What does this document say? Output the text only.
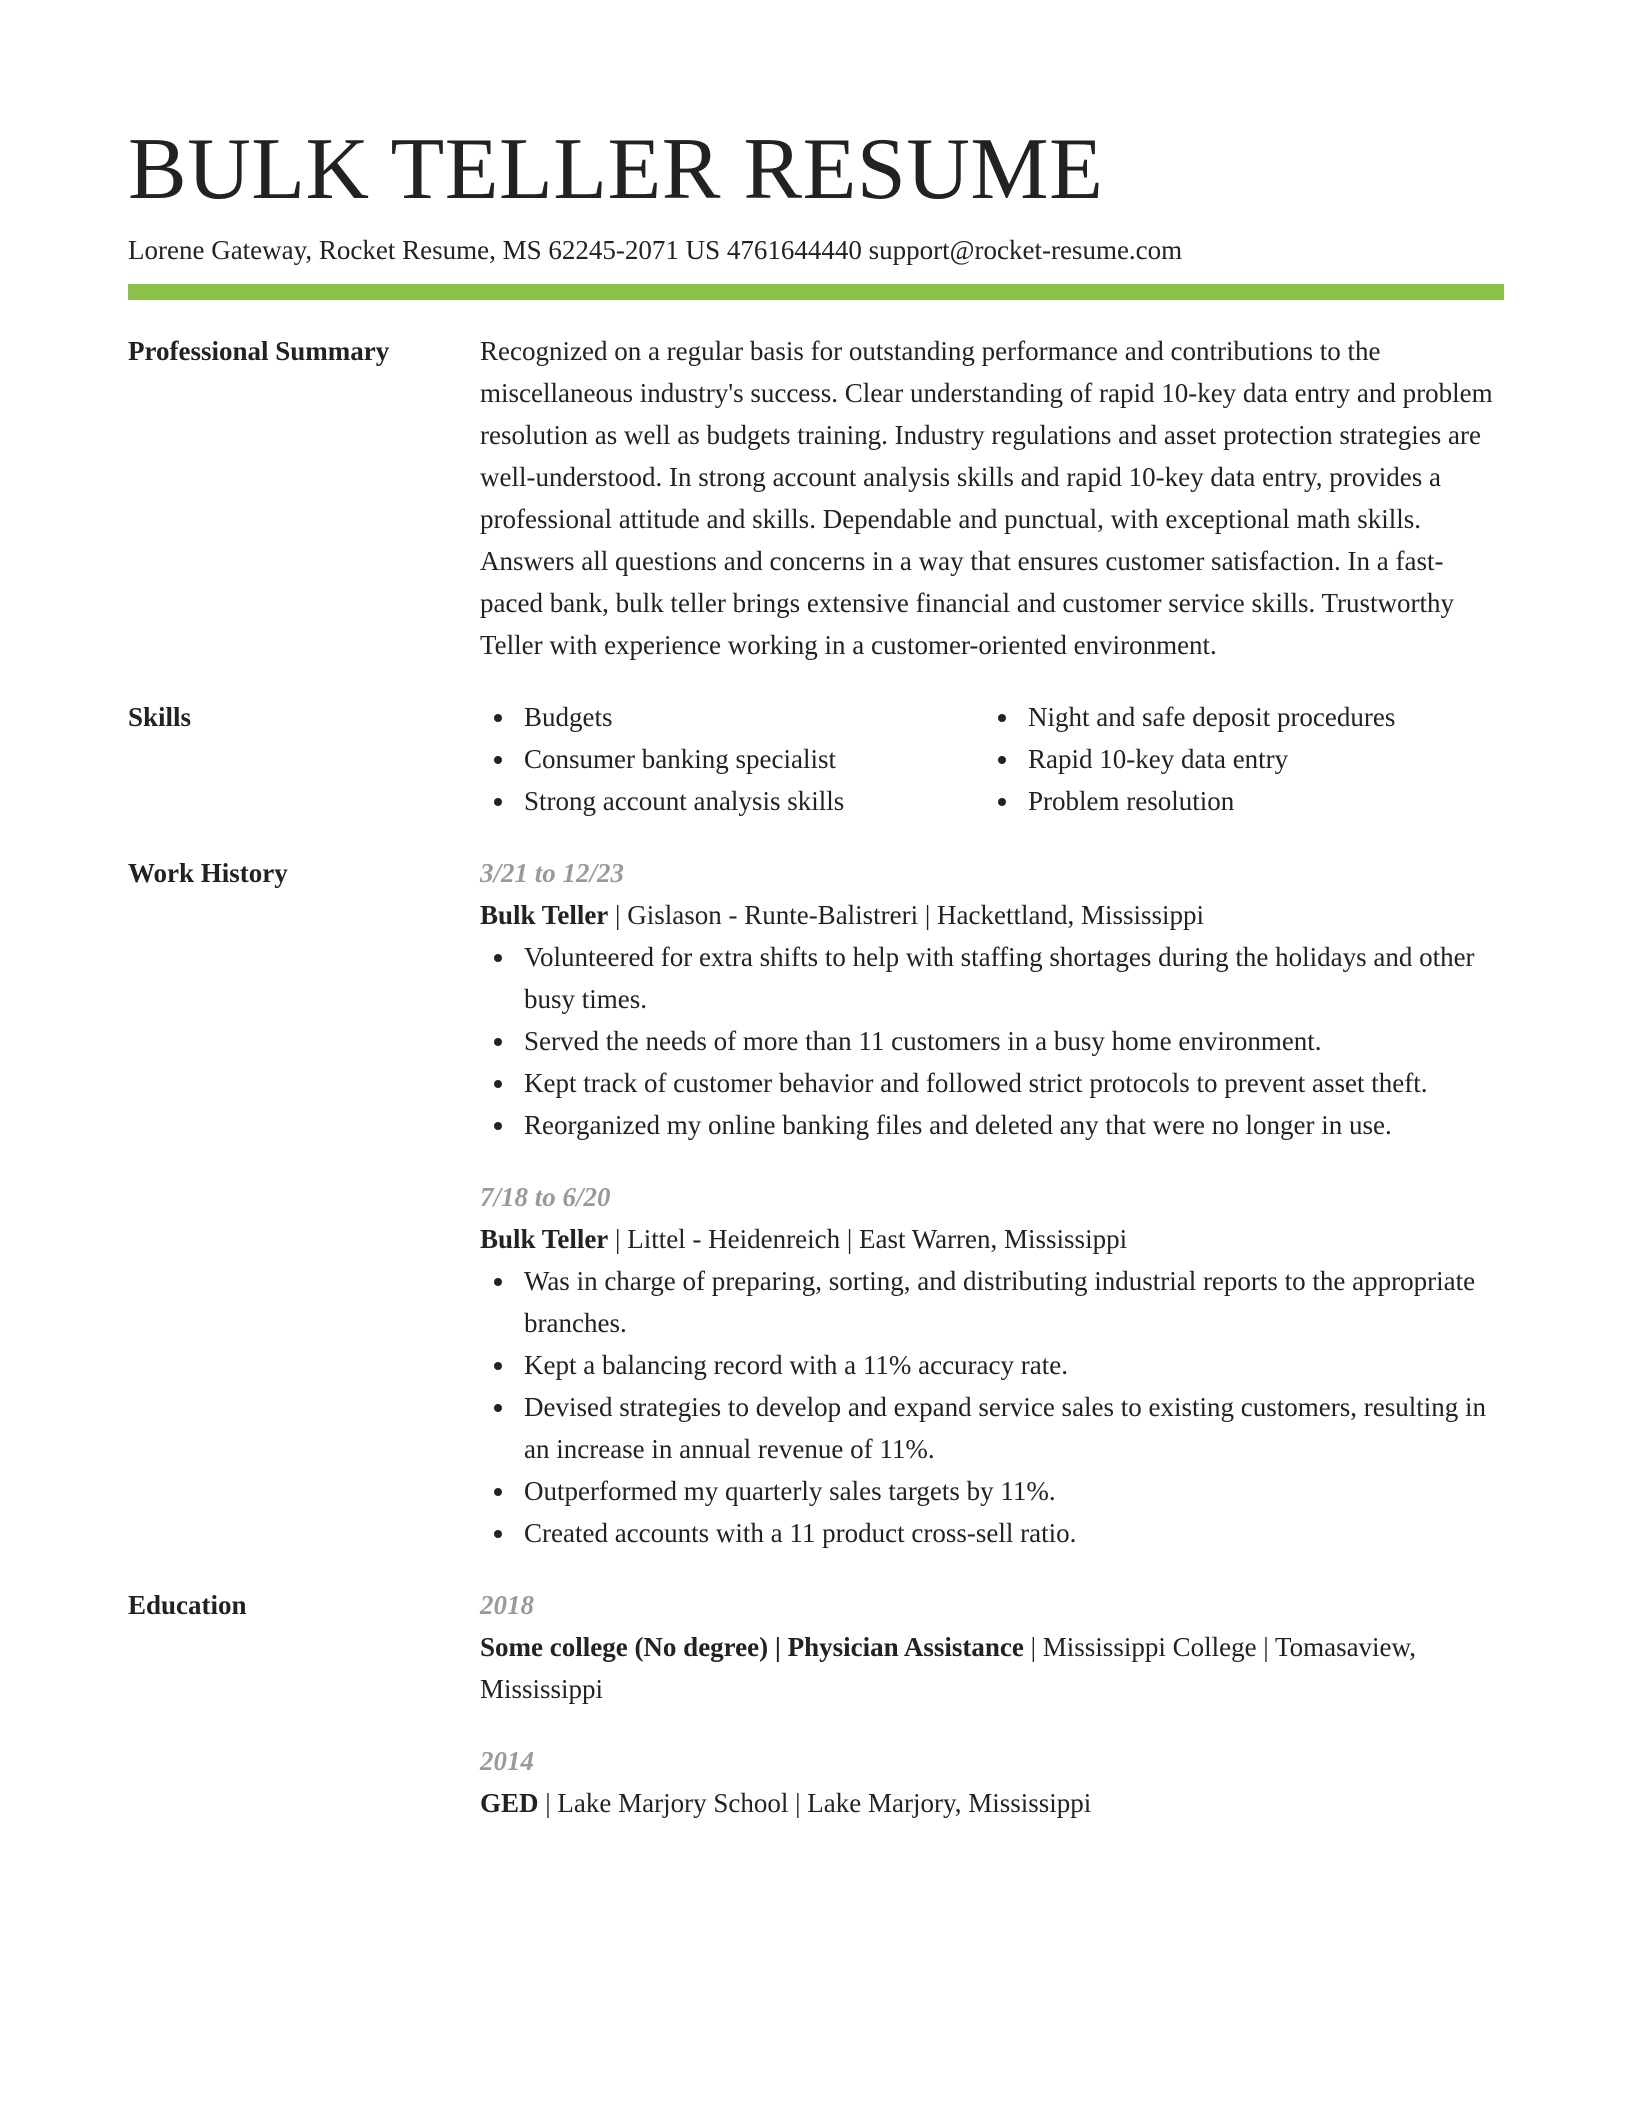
BULK TELLER RESUME
Lorene Gateway, Rocket Resume, MS 62245-2071 US 4761644440 support@rocket-resume.com
Professional Summary	Recognized on a regular basis for outstanding performance and contributions to the miscellaneous industry's success. Clear understanding of rapid 10-key data entry and problem resolution as well as budgets training. Industry regulations and asset protection strategies are well-understood. In strong account analysis skills and rapid 10-key data entry, provides a professional attitude and skills. Dependable and punctual, with exceptional math skills. Answers all questions and concerns in a way that ensures customer satisfaction. In a fast-paced bank, bulk teller brings extensive financial and customer service skills. Trustworthy Teller with experience working in a customer-oriented environment.

Skills	Budgets
Consumer banking specialist
Strong account analysis skills
Night and safe deposit procedures
Rapid 10-key data entry
Problem resolution
Work History	3/21 to 12/23

Bulk Teller | Gislason - Runte-Balistreri | Hackettland, Mississippi

Volunteered for extra shifts to help with staffing shortages during the holidays and other busy times.
Served the needs of more than 11 customers in a busy home environment.
Kept track of customer behavior and followed strict protocols to prevent asset theft.
Reorganized my online banking files and deleted any that were no longer in use.
7/18 to 6/20

Bulk Teller | Littel - Heidenreich | East Warren, Mississippi

Was in charge of preparing, sorting, and distributing industrial reports to the appropriate branches.
Kept a balancing record with a 11% accuracy rate.
Devised strategies to develop and expand service sales to existing customers, resulting in an increase in annual revenue of 11%.
Outperformed my quarterly sales targets by 11%.
Created accounts with a 11 product cross-sell ratio.
Education	2018

Some college (No degree) | Physician Assistance | Mississippi College | Tomasaview, Mississippi

2014

GED | Lake Marjory School | Lake Marjory, Mississippi
